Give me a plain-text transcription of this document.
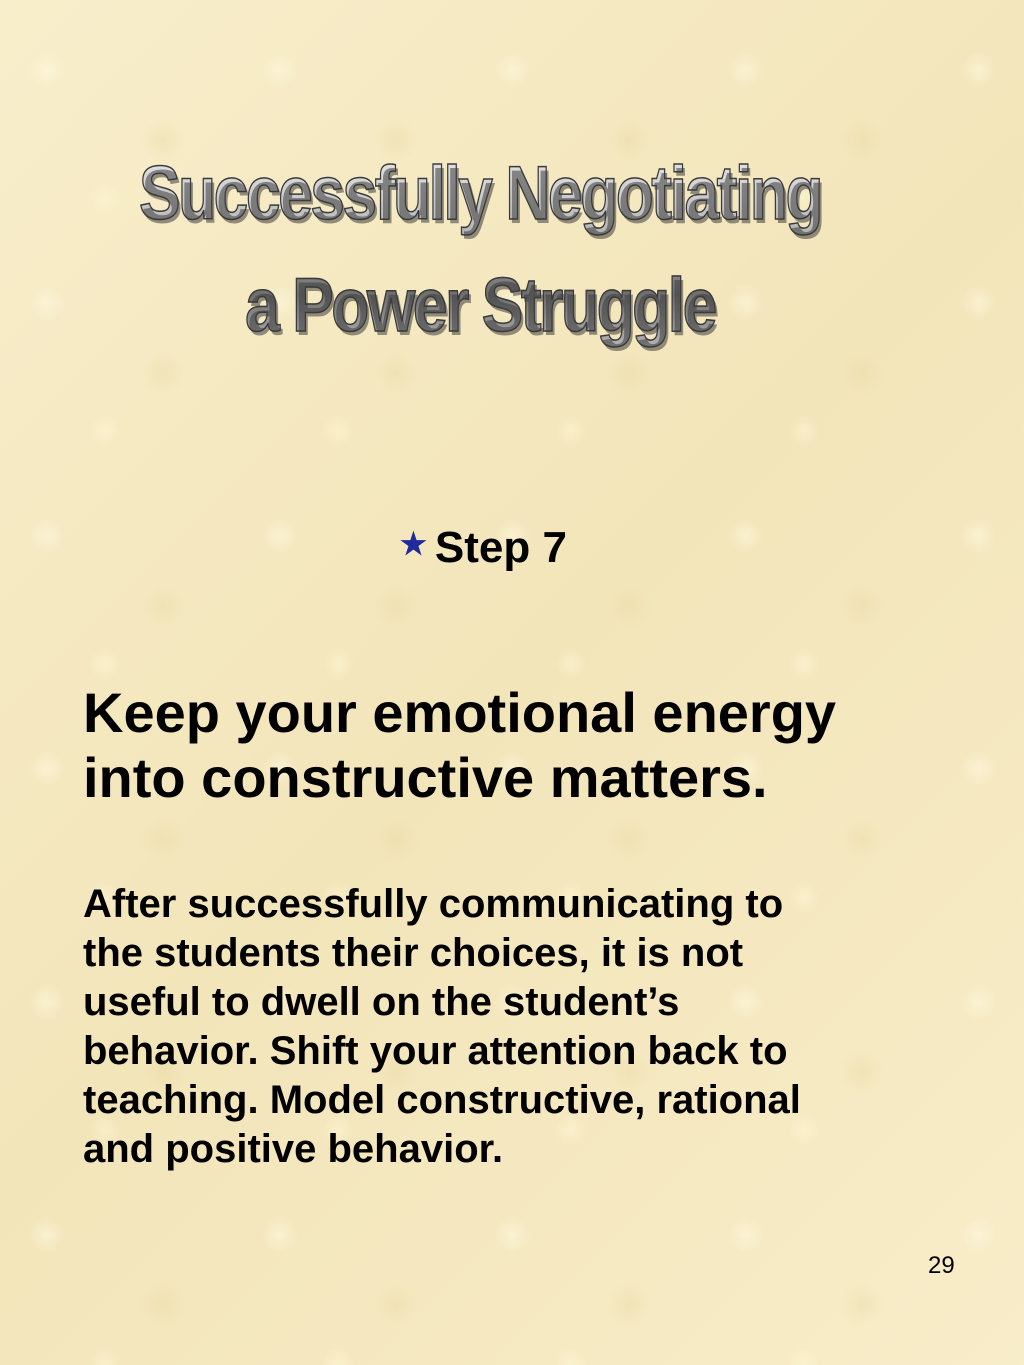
Successfully Negotiating
a Power Struggle
★ Step 7
Keep your emotional energy
into constructive matters.
After successfully communicating to
the students their choices, it is not
useful to dwell on the student’s
behavior. Shift your attention back to
teaching. Model constructive, rational
and positive behavior.
29
